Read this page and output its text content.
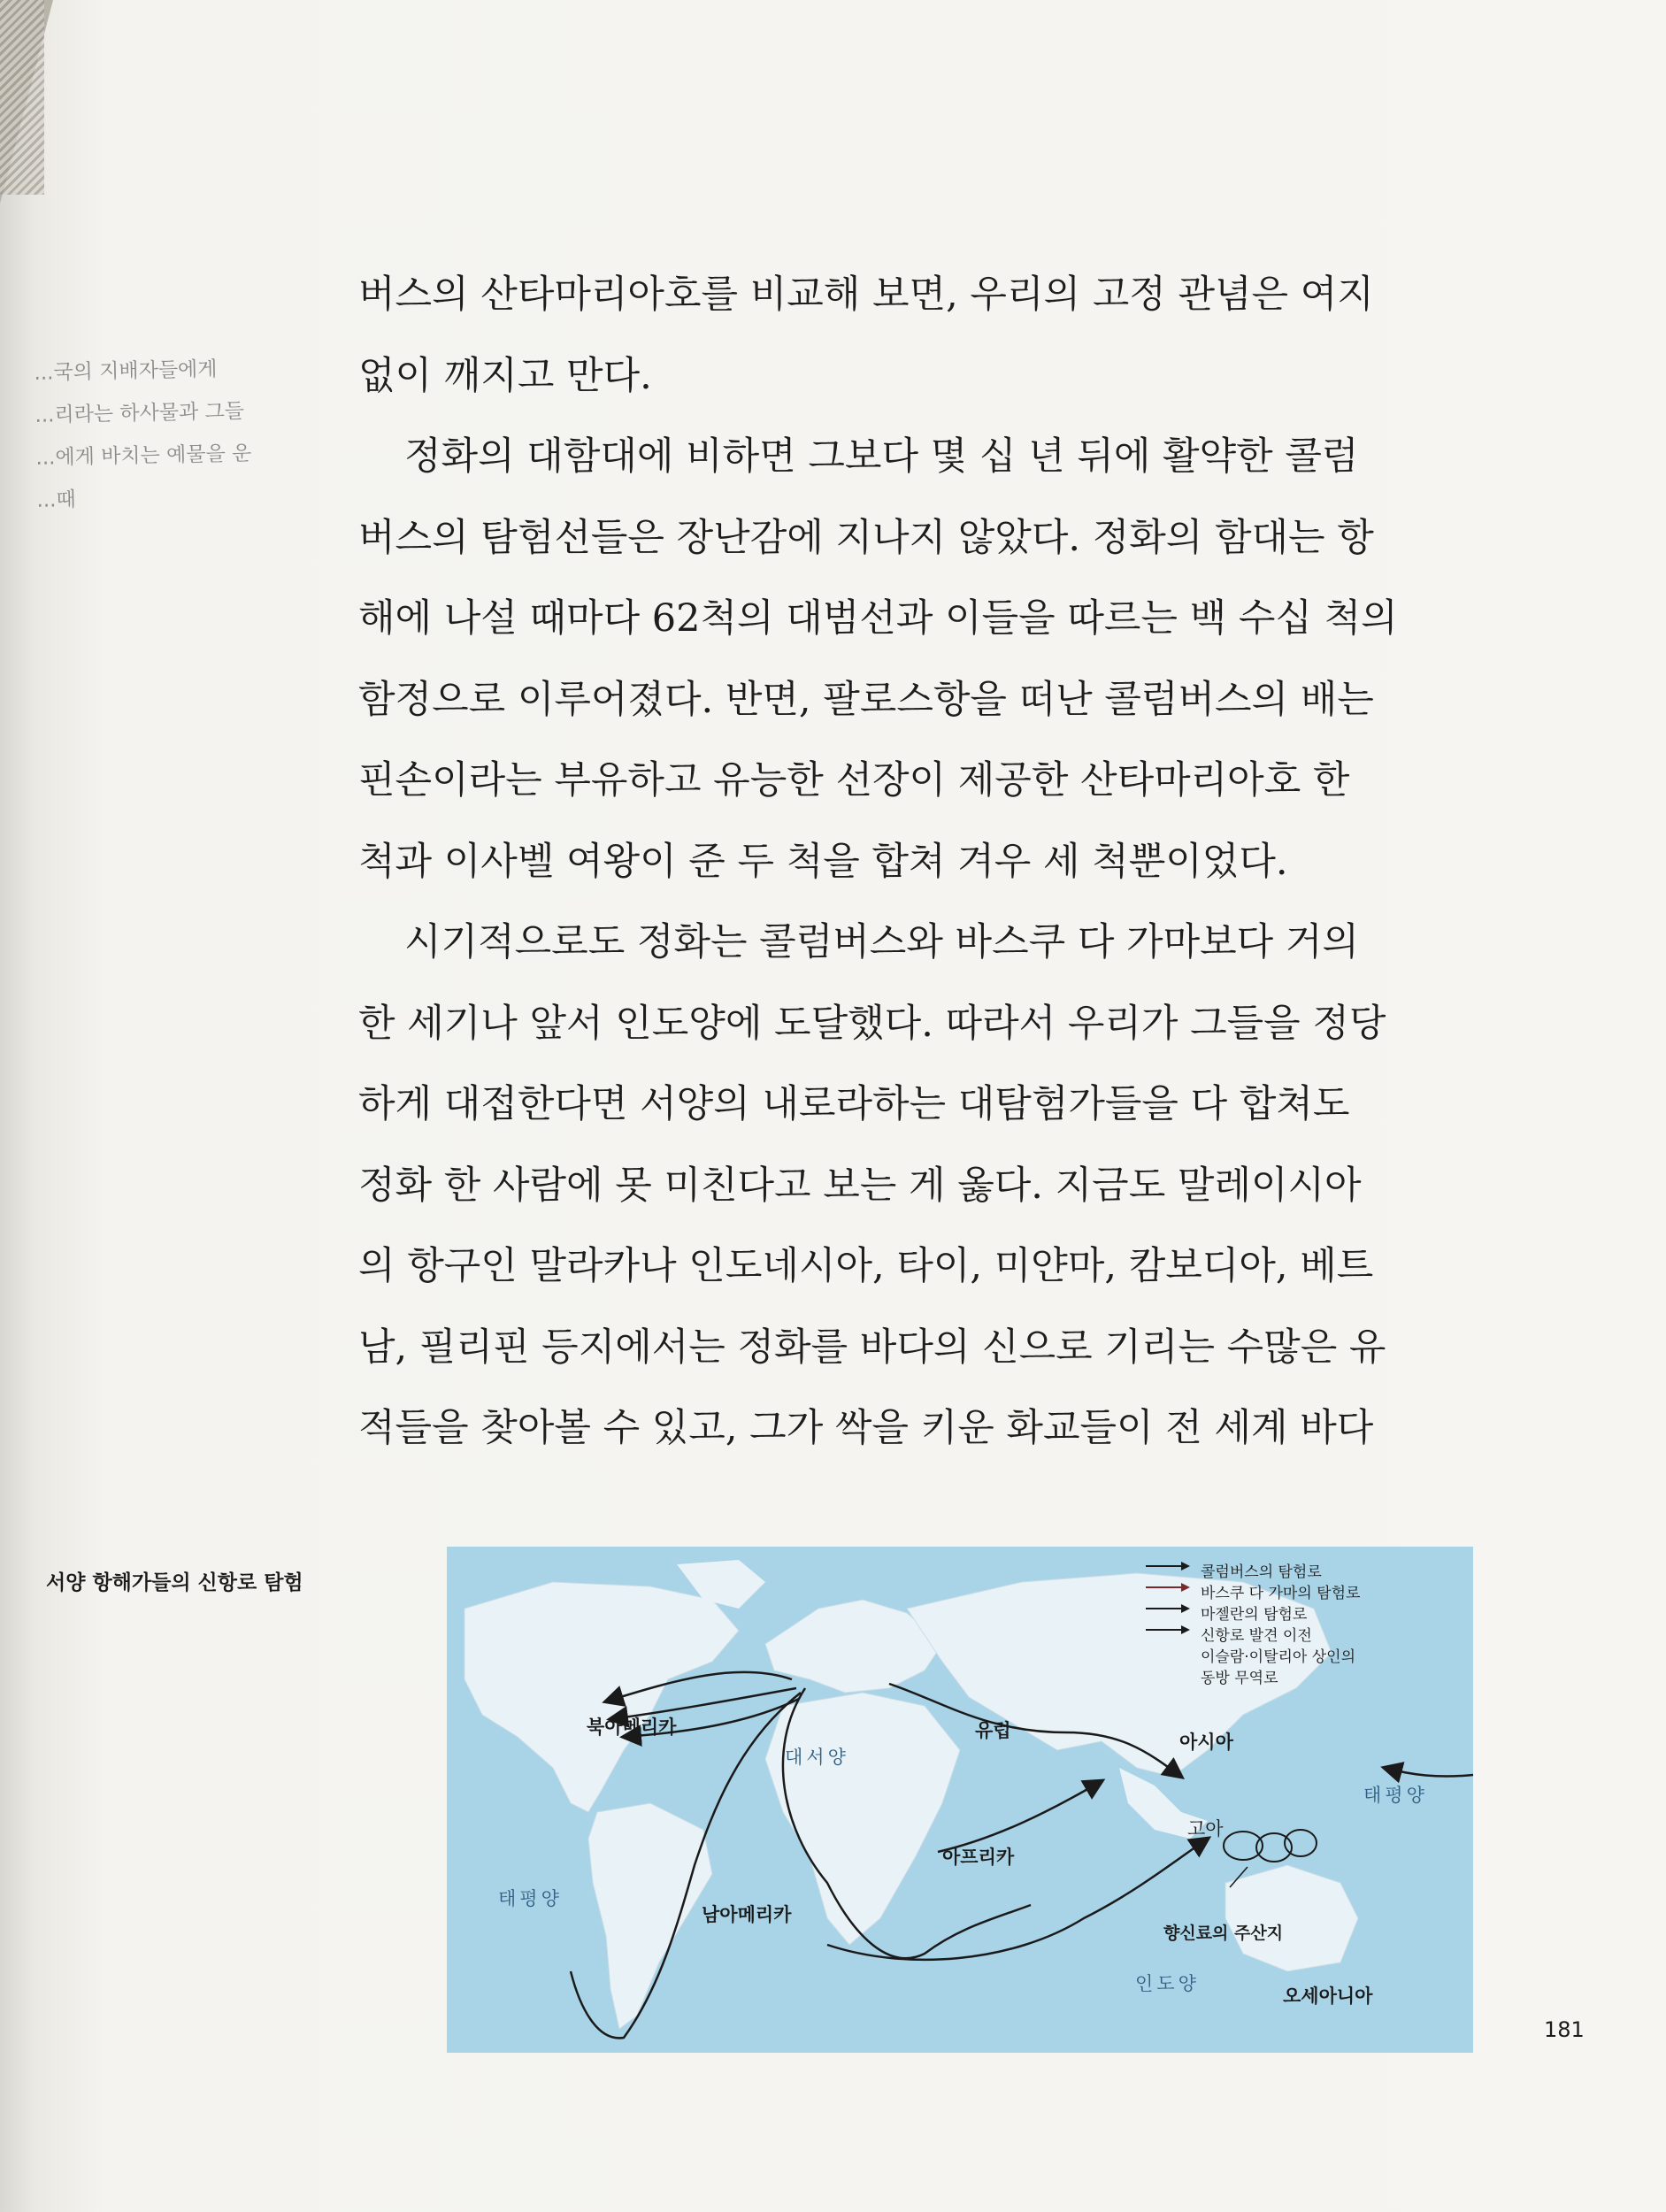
...국의 지배자들에게
...리라는 하사물과 그들
...에게 바치는 예물을 운
...때
버스의 산타마리아호를 비교해 보면, 우리의 고정 관념은 여지
없이 깨지고 만다.
정화의 대함대에 비하면 그보다 몇 십 년 뒤에 활약한 콜럼
버스의 탐험선들은 장난감에 지나지 않았다. 정화의 함대는 항
해에 나설 때마다 62척의 대범선과 이들을 따르는 백 수십 척의
함정으로 이루어졌다. 반면, 팔로스항을 떠난 콜럼버스의 배는
핀손이라는 부유하고 유능한 선장이 제공한 산타마리아호 한
척과 이사벨 여왕이 준 두 척을 합쳐 겨우 세 척뿐이었다.
시기적으로도 정화는 콜럼버스와 바스쿠 다 가마보다 거의
한 세기나 앞서 인도양에 도달했다. 따라서 우리가 그들을 정당
하게 대접한다면 서양의 내로라하는 대탐험가들을 다 합쳐도
정화 한 사람에 못 미친다고 보는 게 옳다. 지금도 말레이시아
의 항구인 말라카나 인도네시아, 타이, 미얀마, 캄보디아, 베트
남, 필리핀 등지에서는 정화를 바다의 신으로 기리는 수많은 유
적들을 찾아볼 수 있고, 그가 싹을 키운 화교들이 전 세계 바다
서양 항해가들의 신항로 탐험	콜럼버스의 탐험로
바스쿠 다 가마의 탐험로
마젤란의 탐험로
신항로 발견 이전
이슬람·이탈리아 상인의
동방 무역로
북아메리카	유럽
아시아
대서양
태평양
태평양
고아
아프리카
남아메리카
향신료의 주산지
인도양
오세아니아
181
